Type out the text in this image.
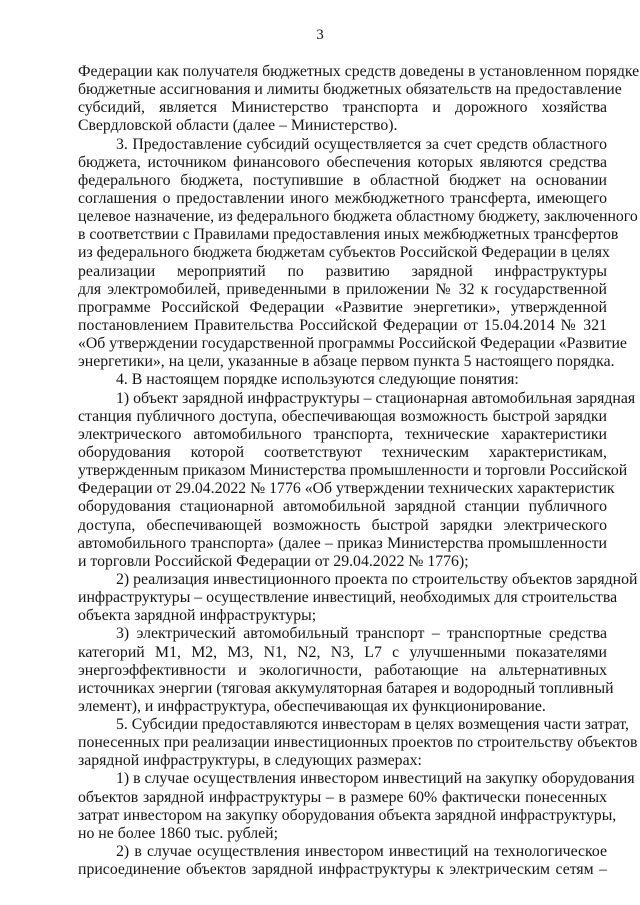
3
Федерации как получателя бюджетных средств доведены в установленном порядке
бюджетные ассигнования и лимиты бюджетных обязательств на предоставление
субсидий, является Министерство транспорта и дорожного хозяйства
Свердловской области (далее – Министерство).
3. Предоставление субсидий осуществляется за счет средств областного
бюджета, источником финансового обеспечения которых являются средства
федерального бюджета, поступившие в областной бюджет на основании
соглашения о предоставлении иного межбюджетного трансферта, имеющего
целевое назначение, из федерального бюджета областному бюджету, заключенного
в соответствии с Правилами предоставления иных межбюджетных трансфертов
из федерального бюджета бюджетам субъектов Российской Федерации в целях
реализации мероприятий по развитию зарядной инфраструктуры
для электромобилей, приведенными в приложении № 32 к государственной
программе Российской Федерации «Развитие энергетики», утвержденной
постановлением Правительства Российской Федерации от 15.04.2014 № 321
«Об утверждении государственной программы Российской Федерации «Развитие
энергетики», на цели, указанные в абзаце первом пункта 5 настоящего порядка.
4. В настоящем порядке используются следующие понятия:
1) объект зарядной инфраструктуры – стационарная автомобильная зарядная
станция публичного доступа, обеспечивающая возможность быстрой зарядки
электрического автомобильного транспорта, технические характеристики
оборудования которой соответствуют техническим характеристикам,
утвержденным приказом Министерства промышленности и торговли Российской
Федерации от 29.04.2022 № 1776 «Об утверждении технических характеристик
оборудования стационарной автомобильной зарядной станции публичного
доступа, обеспечивающей возможность быстрой зарядки электрического
автомобильного транспорта» (далее – приказ Министерства промышленности
и торговли Российской Федерации от 29.04.2022 № 1776);
2) реализация инвестиционного проекта по строительству объектов зарядной
инфраструктуры – осуществление инвестиций, необходимых для строительства
объекта зарядной инфраструктуры;
3) электрический автомобильный транспорт – транспортные средства
категорий M1, M2, M3, N1, N2, N3, L7 с улучшенными показателями
энергоэффективности и экологичности, работающие на альтернативных
источниках энергии (тяговая аккумуляторная батарея и водородный топливный
элемент), и инфраструктура, обеспечивающая их функционирование.
5. Субсидии предоставляются инвесторам в целях возмещения части затрат,
понесенных при реализации инвестиционных проектов по строительству объектов
зарядной инфраструктуры, в следующих размерах:
1) в случае осуществления инвестором инвестиций на закупку оборудования
объектов зарядной инфраструктуры – в размере 60% фактически понесенных
затрат инвестором на закупку оборудования объекта зарядной инфраструктуры,
но не более 1860 тыс. рублей;
2) в случае осуществления инвестором инвестиций на технологическое
присоединение объектов зарядной инфраструктуры к электрическим сетям –
